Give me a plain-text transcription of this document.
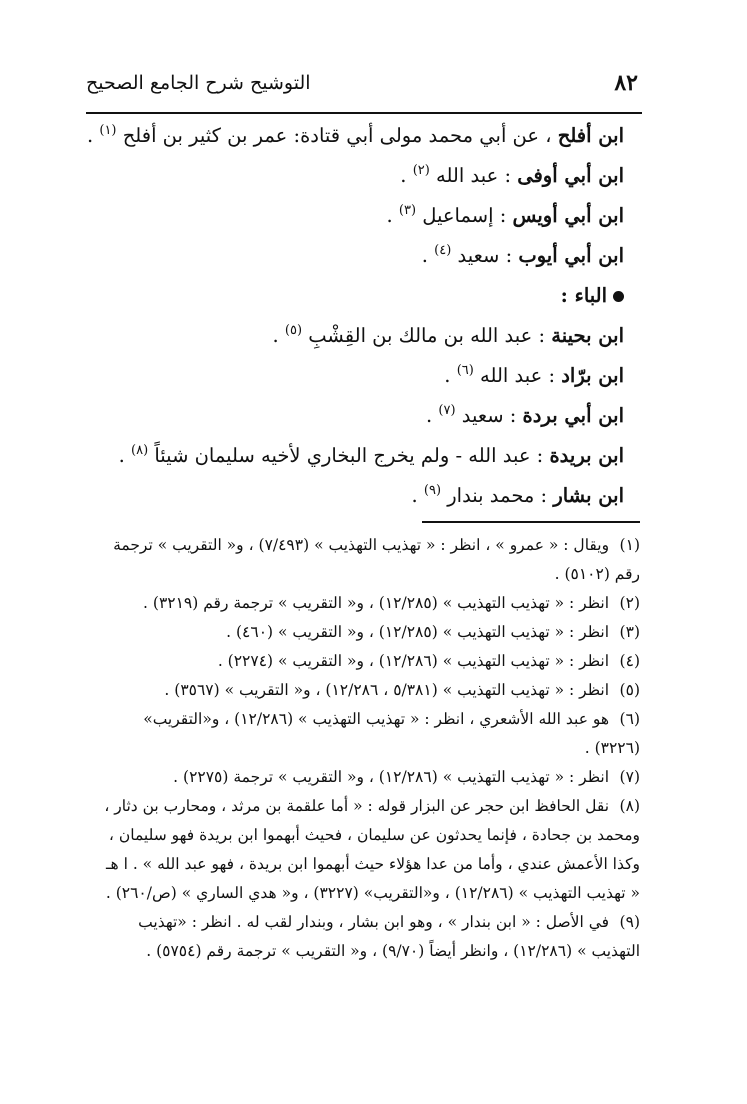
٨٢
التوشيح شرح الجامع الصحيح
ابن أفلح ، عن أبي محمد مولى أبي قتادة: عمر بن كثير بن أفلح $^{(١)}$ .
ابن أبي أوفى : عبد الله $^{(٢)}$ .
ابن أبي أويس : إسماعيل $^{(٣)}$ .
ابن أبي أيوب : سعيد $^{(٤)}$ .
الباء :
ابن بحينة : عبد الله بن مالك بن القِشْبِ $^{(٥)}$ .
ابن برّاد : عبد الله $^{(٦)}$ .
ابن أبي بردة : سعيد $^{(٧)}$ .
ابن بريدة : عبد الله - ولم يخرج البخاري لأخيه سليمان شيئاً $^{(٨)}$ .
ابن بشار : محمد بندار $^{(٩)}$ .

(١) ويقال : « عمرو » ، انظر : « تهذيب التهذيب » (٧/٤٩٣) ، و« التقريب » ترجمة رقم (٥١٠٢) .

(٢) انظر : « تهذيب التهذيب » (١٢/٢٨٥) ، و« التقريب » ترجمة رقم (٣٢١٩) .

(٣) انظر : « تهذيب التهذيب » (١٢/٢٨٥) ، و« التقريب » (٤٦٠) .

(٤) انظر : « تهذيب التهذيب » (١٢/٢٨٦) ، و« التقريب » (٢٢٧٤) .

(٥) انظر : « تهذيب التهذيب » (٥/٣٨١ ، ١٢/٢٨٦) ، و« التقريب » (٣٥٦٧) .

(٦) هو عبد الله الأشعري ، انظر : « تهذيب التهذيب » (١٢/٢٨٦) ، و«التقريب» (٣٢٢٦) .

(٧) انظر : « تهذيب التهذيب » (١٢/٢٨٦) ، و« التقريب » ترجمة (٢٢٧٥) .

(٨) نقل الحافظ ابن حجر عن البزار قوله : « أما علقمة بن مرثد ، ومحارب بن دثار ، ومحمد بن جحادة ، فإنما يحدثون عن سليمان ، فحيث أبهموا ابن بريدة فهو سليمان ، وكذا الأعمش عندي ، وأما من عدا هؤلاء حيث أبهموا ابن بريدة ، فهو عبد الله » . ا هـ « تهذيب التهذيب » (١٢/٢٨٦) ، و«التقريب» (٣٢٢٧) ، و« هدي الساري » (ص/٢٦٠) .

(٩) في الأصل : « ابن بندار » ، وهو ابن بشار ، وبندار لقب له . انظر : «تهذيب التهذيب » (١٢/٢٨٦) ، وانظر أيضاً (٩/٧٠) ، و« التقريب » ترجمة رقم (٥٧٥٤) .
